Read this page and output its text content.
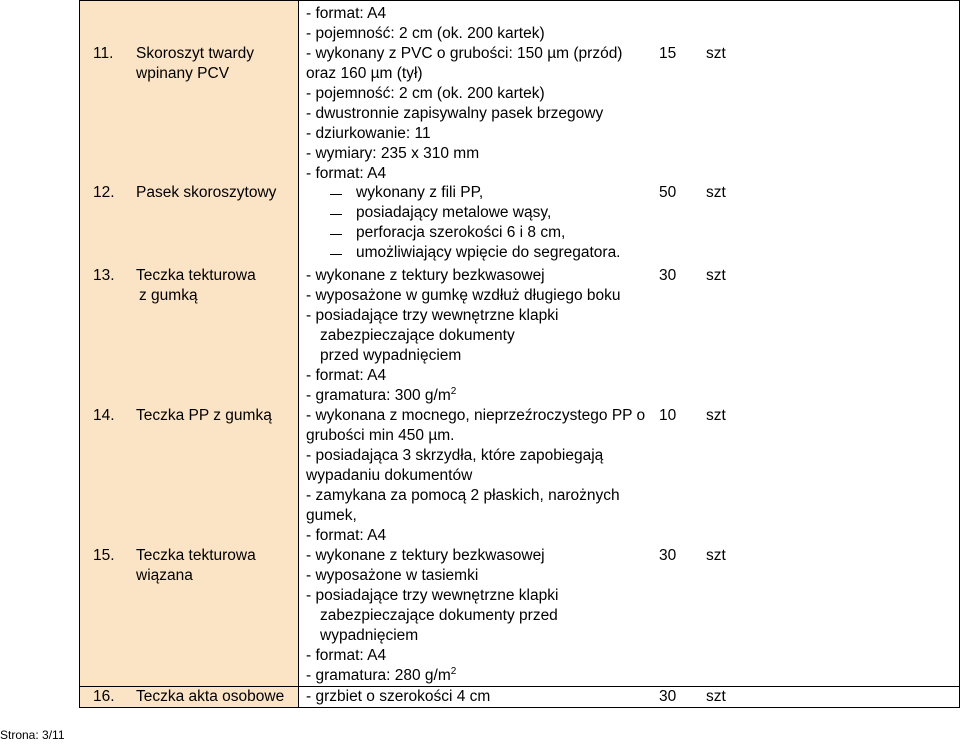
- format: A4
- pojemność: 2 cm (ok. 200 kartek)
11. Skoroszyt twardy
wpinany PCV
- wykonany z PVC o grubości: 150 µm (przód)
oraz 160 µm (tył)
- pojemność: 2 cm (ok. 200 kartek)
- dwustronnie zapisywalny pasek brzegowy
- dziurkowanie: 11
- wymiary: 235 x 310 mm
- format: A4
15 szt
12. Pasek skoroszytowy	wykonany z fili PP,
posiadający metalowe wąsy,
perforacja szerokości 6 i 8 cm,
umożliwiający wpięcie do segregatora.
50 szt
13. Teczka tekturowa
z gumką
- wykonane z tektury bezkwasowej
- wyposażone w gumkę wzdłuż długiego boku
- posiadające trzy wewnętrzne klapki
zabezpieczające dokumenty
przed wypadnięciem
- format: A4
- gramatura: 300 $g/m^2$
30 szt
14. Teczka PP z gumką - wykonana z mocnego, nieprzeźroczystego PP o
grubości min 450 µm.
- posiadająca 3 skrzydła, które zapobiegają
wypadaniu dokumentów
- zamykana za pomocą 2 płaskich, narożnych
gumek,
- format: A4
10 szt
15. Teczka tekturowa
wiązana
- wykonane z tektury bezkwasowej
- wyposażone w tasiemki
- posiadające trzy wewnętrzne klapki
zabezpieczające dokumenty przed
wypadnięciem
- format: A4
- gramatura: 280 $g/m^2$
30 szt
16. Teczka akta osobowe - grzbiet o szerokości 4 cm	30 szt
Strona: 3/11
